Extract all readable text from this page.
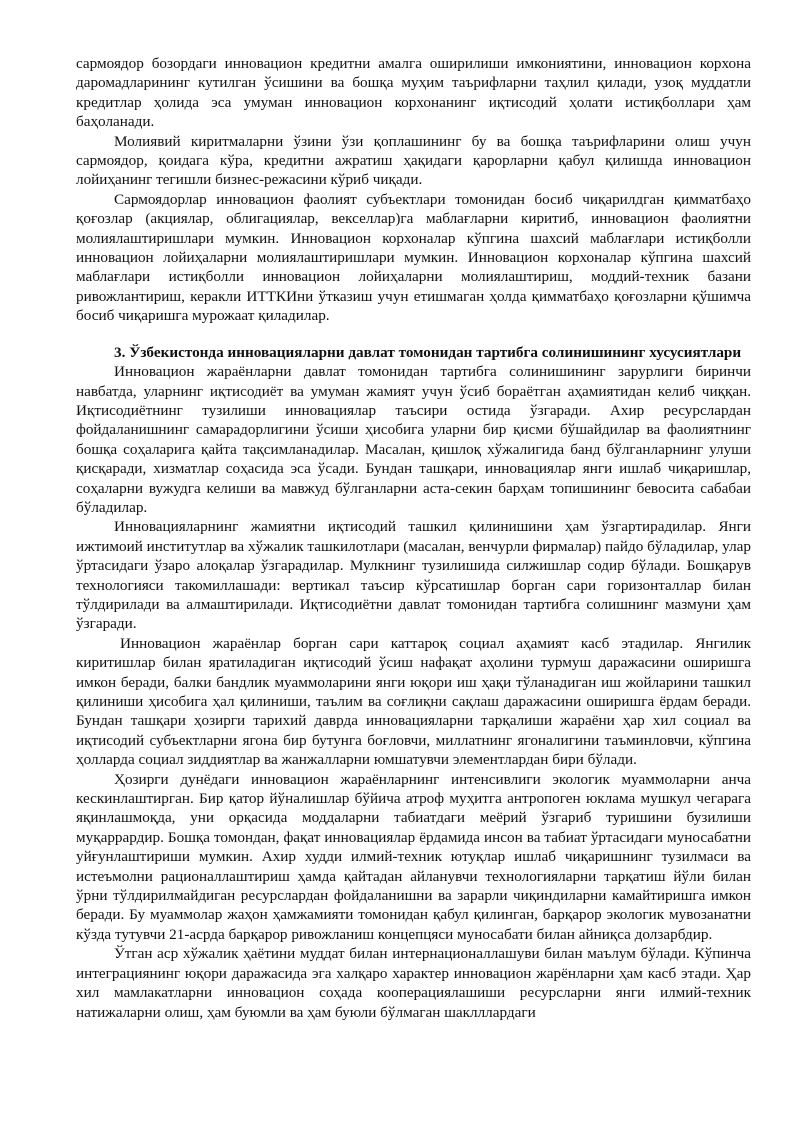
сармоядор бозордаги инновацион кредитни амалга оширилиши имкониятини, инновацион корхона даромадларининг кутилган ўсишини ва бошқа муҳим таърифларни таҳлил қилади, узоқ муддатли кредитлар ҳолида эса умуман инновацион корхонанинг иқтисодий ҳолати истиқболлари ҳам баҳоланади.

Молиявий киритмаларни ўзини ўзи қоплашининг бу ва бошқа таърифларини олиш учун сармоядор, қоидага кўра, кредитни ажратиш ҳақидаги қарорларни қабул қилишда инновацион лойиҳанинг тегишли бизнес-режасини кўриб чиқади.

Сармоядорлар инновацион фаолият субъектлари томонидан босиб чиқарилдган қимматбаҳо қоғозлар (акциялар, облигациялар, векселлар)га маблағларни киритиб, инновацион фаолиятни молиялаштиришлари мумкин. Инновацион корхоналар кўпгина шахсий маблағлари истиқболли инновацион лойиҳаларни молиялаштиришлари мумкин. Инновацион корхоналар кўпгина шахсий маблағлари истиқболли инновацион лойиҳаларни молиялаштириш, моддий-техник базани ривожлантириш, керакли ИТТКИни ўтказиш учун етишмаган ҳолда қимматбаҳо қоғозларни қўшимча босиб чиқаришга мурожаат қиладилар.

3. Ўзбекистонда инновацияларни давлат томонидан тартибга солинишининг хусусиятлари

Инновацион жараёнларни давлат томонидан тартибга солинишининг зарурлиги биринчи навбатда, уларнинг иқтисодиёт ва умуман жамият учун ўсиб бораётган аҳамиятидан келиб чиққан. Иқтисодиётнинг тузилиши инновациялар таъсири остида ўзгаради. Ахир ресурслардан фойдаланишнинг самарадорлигини ўсиши ҳисобига уларни бир қисми бўшайдилар ва фаолиятнинг бошқа соҳаларига қайта тақсимланадилар. Масалан, қишлоқ хўжалигида банд бўлганларнинг улуши қисқаради, хизматлар соҳасида эса ўсади. Бундан ташқари, инновациялар янги ишлаб чиқаришлар, соҳаларни вужудга келиши ва мавжуд бўлганларни аста-секин барҳам топишининг бевосита сабабаи бўладилар.

Инновацияларнинг жамиятни иқтисодий ташкил қилинишини ҳам ўзгартирадилар. Янги ижтимоий институтлар ва хўжалик ташкилотлари (масалан, венчурли фирмалар) пайдо бўладилар, улар ўртасидаги ўзаро алоқалар ўзгарадилар. Мулкнинг тузилишида силжишлар содир бўлади. Бошқарув технологияси такомиллашади: вертикал таъсир кўрсатишлар борган сари горизонталлар билан тўлдирилади ва алмаштирилади. Иқтисодиётни давлат томонидан тартибга солишнинг мазмуни ҳам ўзгаради.

Инновацион жараёнлар борган сари каттароқ социал аҳамият касб этадилар. Янгилик киритишлар билан яратиладиган иқтисодий ўсиш нафақат аҳолини турмуш даражасини оширишга имкон беради, балки бандлик муаммоларини янги юқори иш ҳақи тўланадиган иш жойларини ташкил қилиниши ҳисобига ҳал қилиниши, таълим ва соғлиқни сақлаш даражасини оширишга ёрдам беради. Бундан ташқари ҳозирги тарихий даврда инновацияларни тарқалиши жараёни ҳар хил социал ва иқтисодий субъектларни ягона бир бутунга боғловчи, миллатнинг ягоналигини таъминловчи, кўпгина ҳолларда социал зиддиятлар ва жанжалларни юмшатувчи элементлардан бири бўлади.

Ҳозирги дунёдаги инновацион жараёнларнинг интенсивлиги экологик муаммоларни анча кескинлаштирган. Бир қатор йўналишлар бўйича атроф муҳитга антропоген юклама мушкул чегарага яқинлашмоқда, уни орқасида моддаларни табиатдаги меёрий ўзгариб туришини бузилиши муқаррардир. Бошқа томондан, фақат инновациялар ёрдамида инсон ва табиат ўртасидаги муносабатни уйғунлаштириши мумкин. Ахир худди илмий-техник ютуқлар ишлаб чиқаришнинг тузилмаси ва истеъмолни рационаллаштириш ҳамда қайтадан айланувчи технологияларни тарқатиш йўли билан ўрни тўлдирилмайдиган ресурслардан фойдаланишни ва зарарли чиқиндиларни камайтиришга имкон беради. Бу муаммолар жаҳон ҳамжамияти томонидан қабул қилинган, барқарор экологик мувозанатни кўзда тутувчи 21-асрда барқарор ривожланиш концепцяси муносабати билан айниқса долзарбдир.

Ўтган аср хўжалик ҳаётини муддат билан интернационаллашуви билан маълум бўлади. Кўпинча интеграциянинг юқори даражасида эга халқаро характер инновацион жарёнларни ҳам касб этади. Ҳар хил мамлакатларни инновацион соҳада кооперациялашиши ресурсларни янги илмий-техник натижаларни олиш, ҳам буюмли ва ҳам буюли бўлмаган шаклллардаги
